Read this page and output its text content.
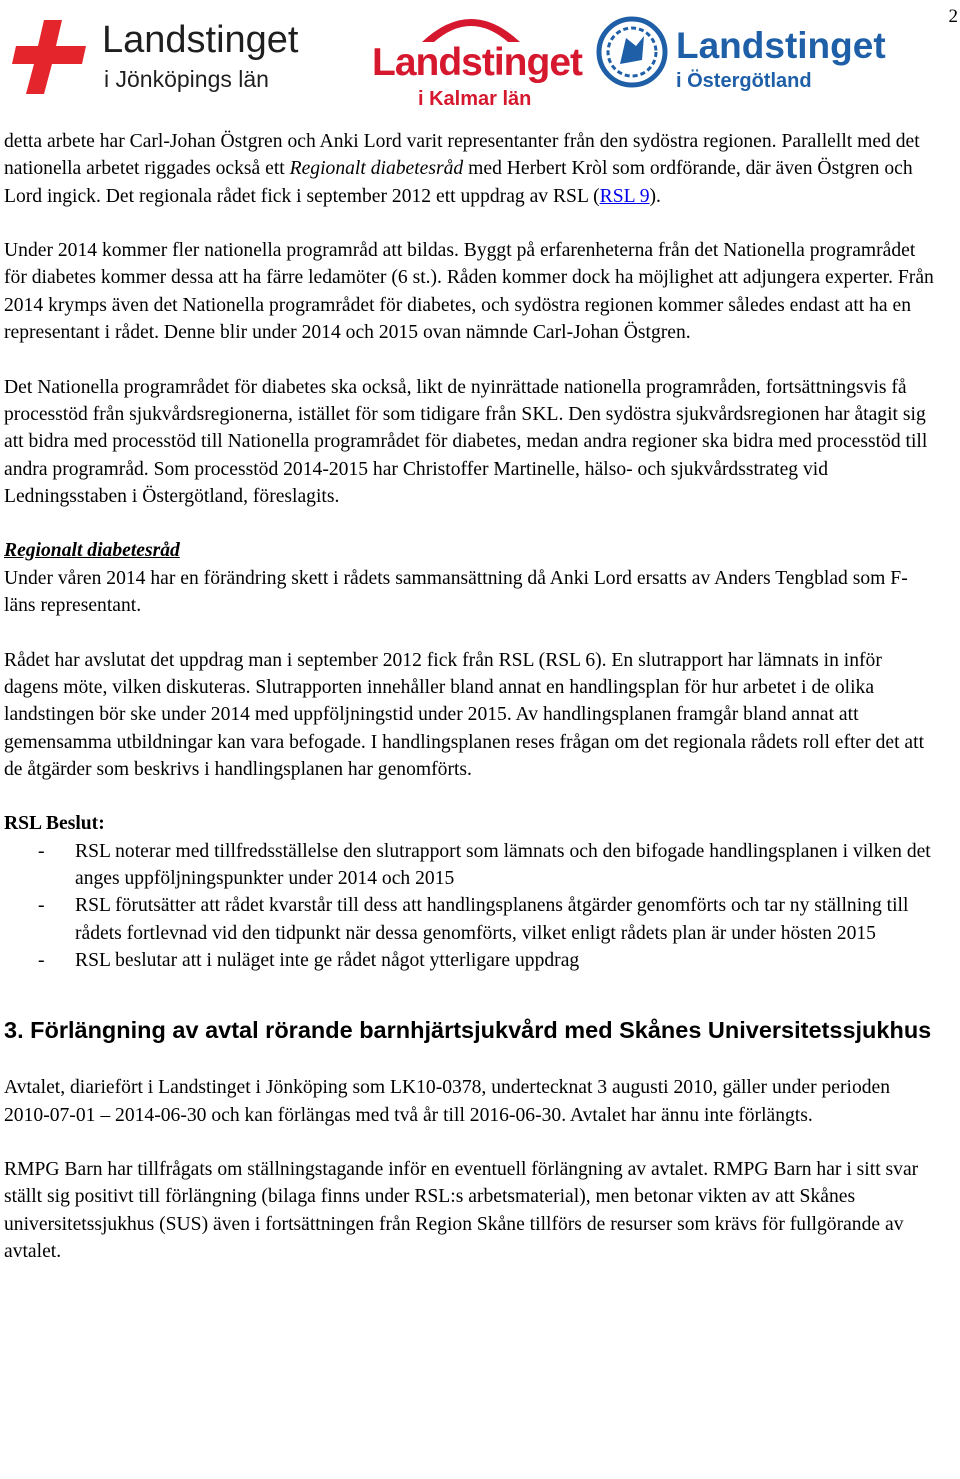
2
Landstinget
i Jönköpings län	Landstinget
i Kalmar län
Landstinget
i Östergötland

detta arbete har Carl-Johan Östgren och Anki Lord varit representanter från den sydöstra regionen. Parallellt med det nationella arbetet riggades också ett Regionalt diabetesråd med Herbert Kròl som ordförande, där även Östgren och Lord ingick. Det regionala rådet fick i september 2012 ett uppdrag av RSL (RSL 9).

Under 2014 kommer fler nationella programråd att bildas. Byggt på erfarenheterna från det Nationella programrådet för diabetes kommer dessa att ha färre ledamöter (6 st.). Råden kommer dock ha möjlighet att adjungera experter. Från 2014 krymps även det Nationella programrådet för diabetes, och sydöstra regionen kommer således endast att ha en representant i rådet. Denne blir under 2014 och 2015 ovan nämnde Carl-Johan Östgren.

Det Nationella programrådet för diabetes ska också, likt de nyinrättade nationella programråden, fortsättningsvis få processtöd från sjukvårdsregionerna, istället för som tidigare från SKL. Den sydöstra sjukvårdsregionen har åtagit sig att bidra med processtöd till Nationella programrådet för diabetes, medan andra regioner ska bidra med processtöd till andra programråd. Som processtöd 2014-2015 har Christoffer Martinelle, hälso- och sjukvårdsstrateg vid Ledningsstaben i Östergötland, föreslagits.

Regionalt diabetesråd
Under våren 2014 har en förändring skett i rådets sammansättning då Anki Lord ersatts av Anders Tengblad som F-läns representant.

Rådet har avslutat det uppdrag man i september 2012 fick från RSL (RSL 6). En slutrapport har lämnats in inför dagens möte, vilken diskuteras. Slutrapporten innehåller bland annat en handlingsplan för hur arbetet i de olika landstingen bör ske under 2014 med uppföljningstid under 2015. Av handlingsplanen framgår bland annat att gemensamma utbildningar kan vara befogade. I handlingsplanen reses frågan om det regionala rådets roll efter det att de åtgärder som beskrivs i handlingsplanen har genomförts.

RSL Beslut:
- RSL noterar med tillfredsställelse den slutrapport som lämnats och den bifogade handlingsplanen i vilken det anges uppföljningspunkter under 2014 och 2015
- RSL förutsätter att rådet kvarstår till dess att handlingsplanens åtgärder genomförts och tar ny ställning till rådets fortlevnad vid den tidpunkt när dessa genomförts, vilket enligt rådets plan är under hösten 2015
- RSL beslutar att i nuläget inte ge rådet något ytterligare uppdrag
3. Förlängning av avtal rörande barnhjärtsjukvård med Skånes Universitetssjukhus

Avtalet, diariefört i Landstinget i Jönköping som LK10-0378, undertecknat 3 augusti 2010, gäller under perioden 2010-07-01 – 2014-06-30 och kan förlängas med två år till 2016-06-30. Avtalet har ännu inte förlängts.

RMPG Barn har tillfrågats om ställningstagande inför en eventuell förlängning av avtalet. RMPG Barn har i sitt svar ställt sig positivt till förlängning (bilaga finns under RSL:s arbetsmaterial), men betonar vikten av att Skånes universitetssjukhus (SUS) även i fortsättningen från Region Skåne tillförs de resurser som krävs för fullgörande av avtalet.
